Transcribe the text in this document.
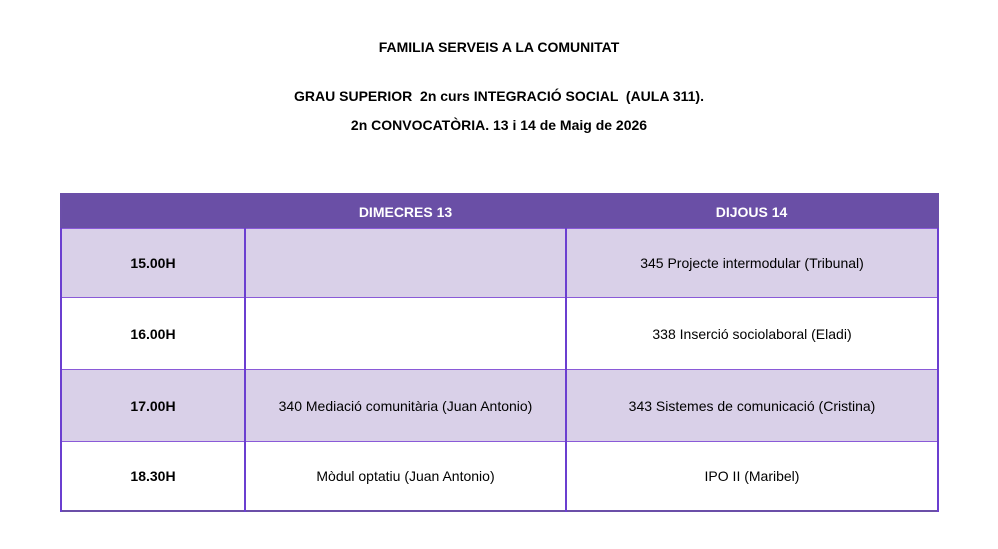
FAMILIA SERVEIS A LA COMUNITAT
GRAU SUPERIOR  2n curs INTEGRACIÓ SOCIAL  (AULA 311).
2n CONVOCATÒRIA. 13 i 14 de Maig de 2026
	DIMECRES 13	DIJOUS 14
15.00H		345 Projecte intermodular (Tribunal)
16.00H		338 Inserció sociolaboral (Eladi)
17.00H	340 Mediació comunitària (Juan Antonio)	343 Sistemes de comunicació (Cristina)
18.30H	Mòdul optatiu (Juan Antonio)	IPO II (Maribel)
